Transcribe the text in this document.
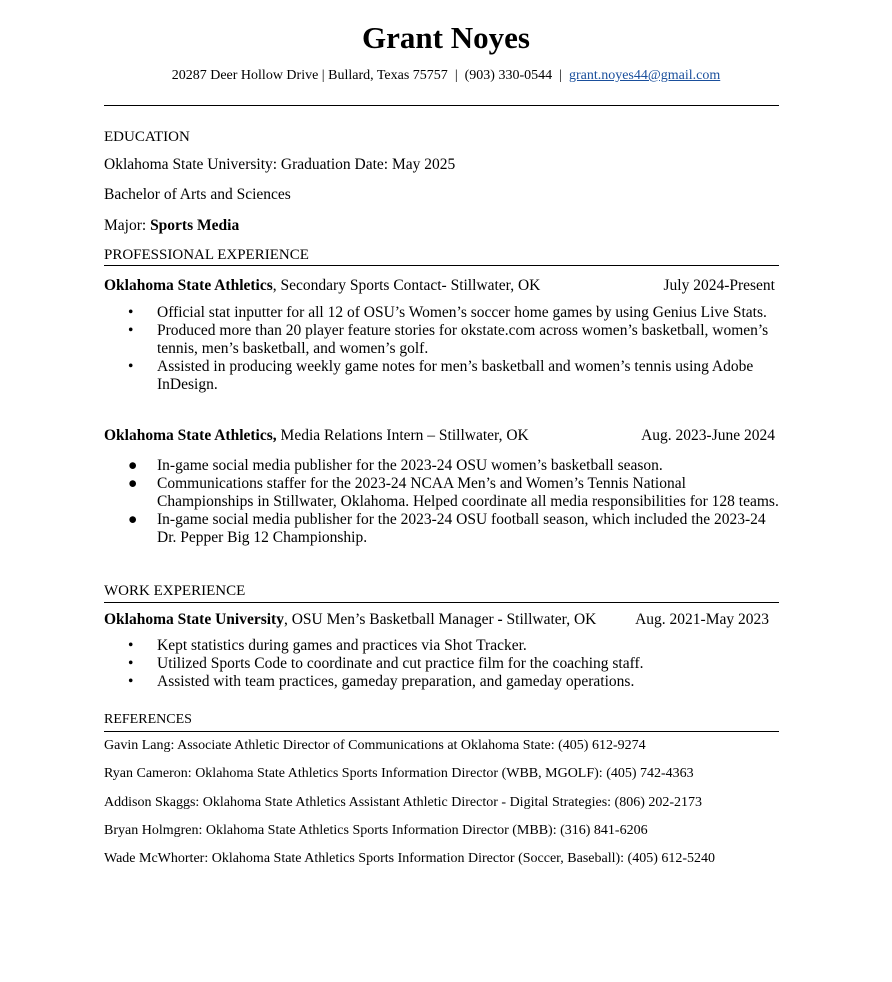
Grant Noyes
20287 Deer Hollow Drive | Bullard, Texas 75757 | (903) 330-0544 | grant.noyes44@gmail.com
EDUCATION
Oklahoma State University: Graduation Date: May 2025
Bachelor of Arts and Sciences
Major: Sports Media
PROFESSIONAL EXPERIENCE
Oklahoma State Athletics, Secondary Sports Contact- Stillwater, OK	July 2024-Present
•	Official stat inputter for all 12 of OSU’s Women’s soccer home games by using Genius Live Stats.
•	Produced more than 20 player feature stories for okstate.com across women’s basketball, women’s tennis, men’s basketball, and women’s golf.
•	Assisted in producing weekly game notes for men’s basketball and women’s tennis using Adobe InDesign.
Oklahoma State Athletics, Media Relations Intern – Stillwater, OK	Aug. 2023-June 2024
●	In-game social media publisher for the 2023-24 OSU women’s basketball season.
●	Communications staffer for the 2023-24 NCAA Men’s and Women’s Tennis National Championships in Stillwater, Oklahoma. Helped coordinate all media responsibilities for 128 teams.
●	In-game social media publisher for the 2023-24 OSU football season, which included the 2023-24 Dr. Pepper Big 12 Championship.
WORK EXPERIENCE
Oklahoma State University, OSU Men’s Basketball Manager - Stillwater, OK	Aug. 2021-May 2023
•	Kept statistics during games and practices via Shot Tracker.
•	Utilized Sports Code to coordinate and cut practice film for the coaching staff.
•	Assisted with team practices, gameday preparation, and gameday operations.
REFERENCES
Gavin Lang: Associate Athletic Director of Communications at Oklahoma State: (405) 612-9274
Ryan Cameron: Oklahoma State Athletics Sports Information Director (WBB, MGOLF): (405) 742-4363
Addison Skaggs: Oklahoma State Athletics Assistant Athletic Director - Digital Strategies: (806) 202-2173
Bryan Holmgren: Oklahoma State Athletics Sports Information Director (MBB): (316) 841-6206
Wade McWhorter: Oklahoma State Athletics Sports Information Director (Soccer, Baseball): (405) 612-5240
